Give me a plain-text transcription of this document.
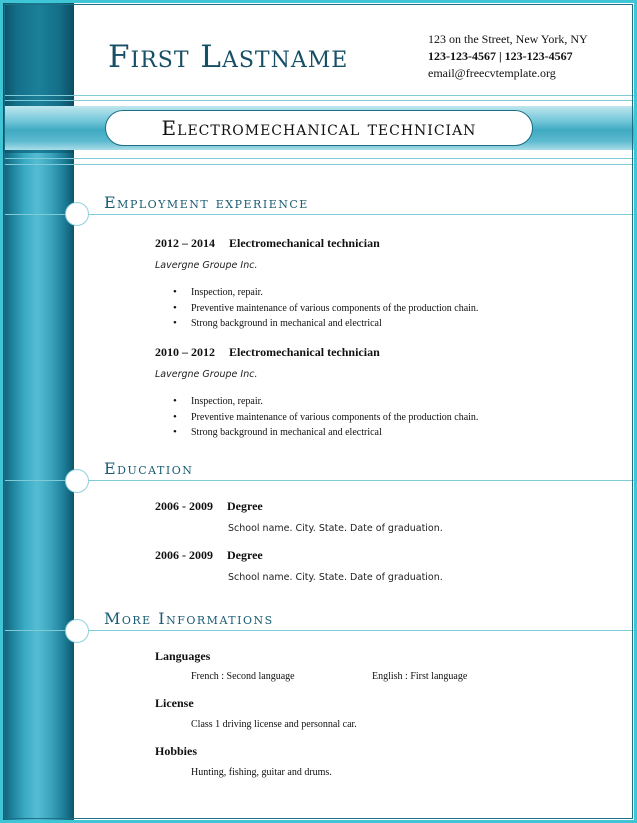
First Lastname	123 on the Street, New York, NY
123-123-4567 | 123-123-4567
email@freecvtemplate.org
Electromechanical technician
Employment experience
2012 – 2014 Electromechanical technician
Lavergne Groupe Inc.
• Inspection, repair.
• Preventive maintenance of various components of the production chain.
• Strong background in mechanical and electrical
2010 – 2012 Electromechanical technician
Lavergne Groupe Inc.
• Inspection, repair.
• Preventive maintenance of various components of the production chain.
• Strong background in mechanical and electrical
Education
2006 - 2009 Degree
School name. City. State. Date of graduation.
2006 - 2009 Degree
School name. City. State. Date of graduation.
More Informations
Languages
French : Second language	English : First language
License
Class 1 driving license and personnal car.
Hobbies
Hunting, fishing, guitar and drums.
